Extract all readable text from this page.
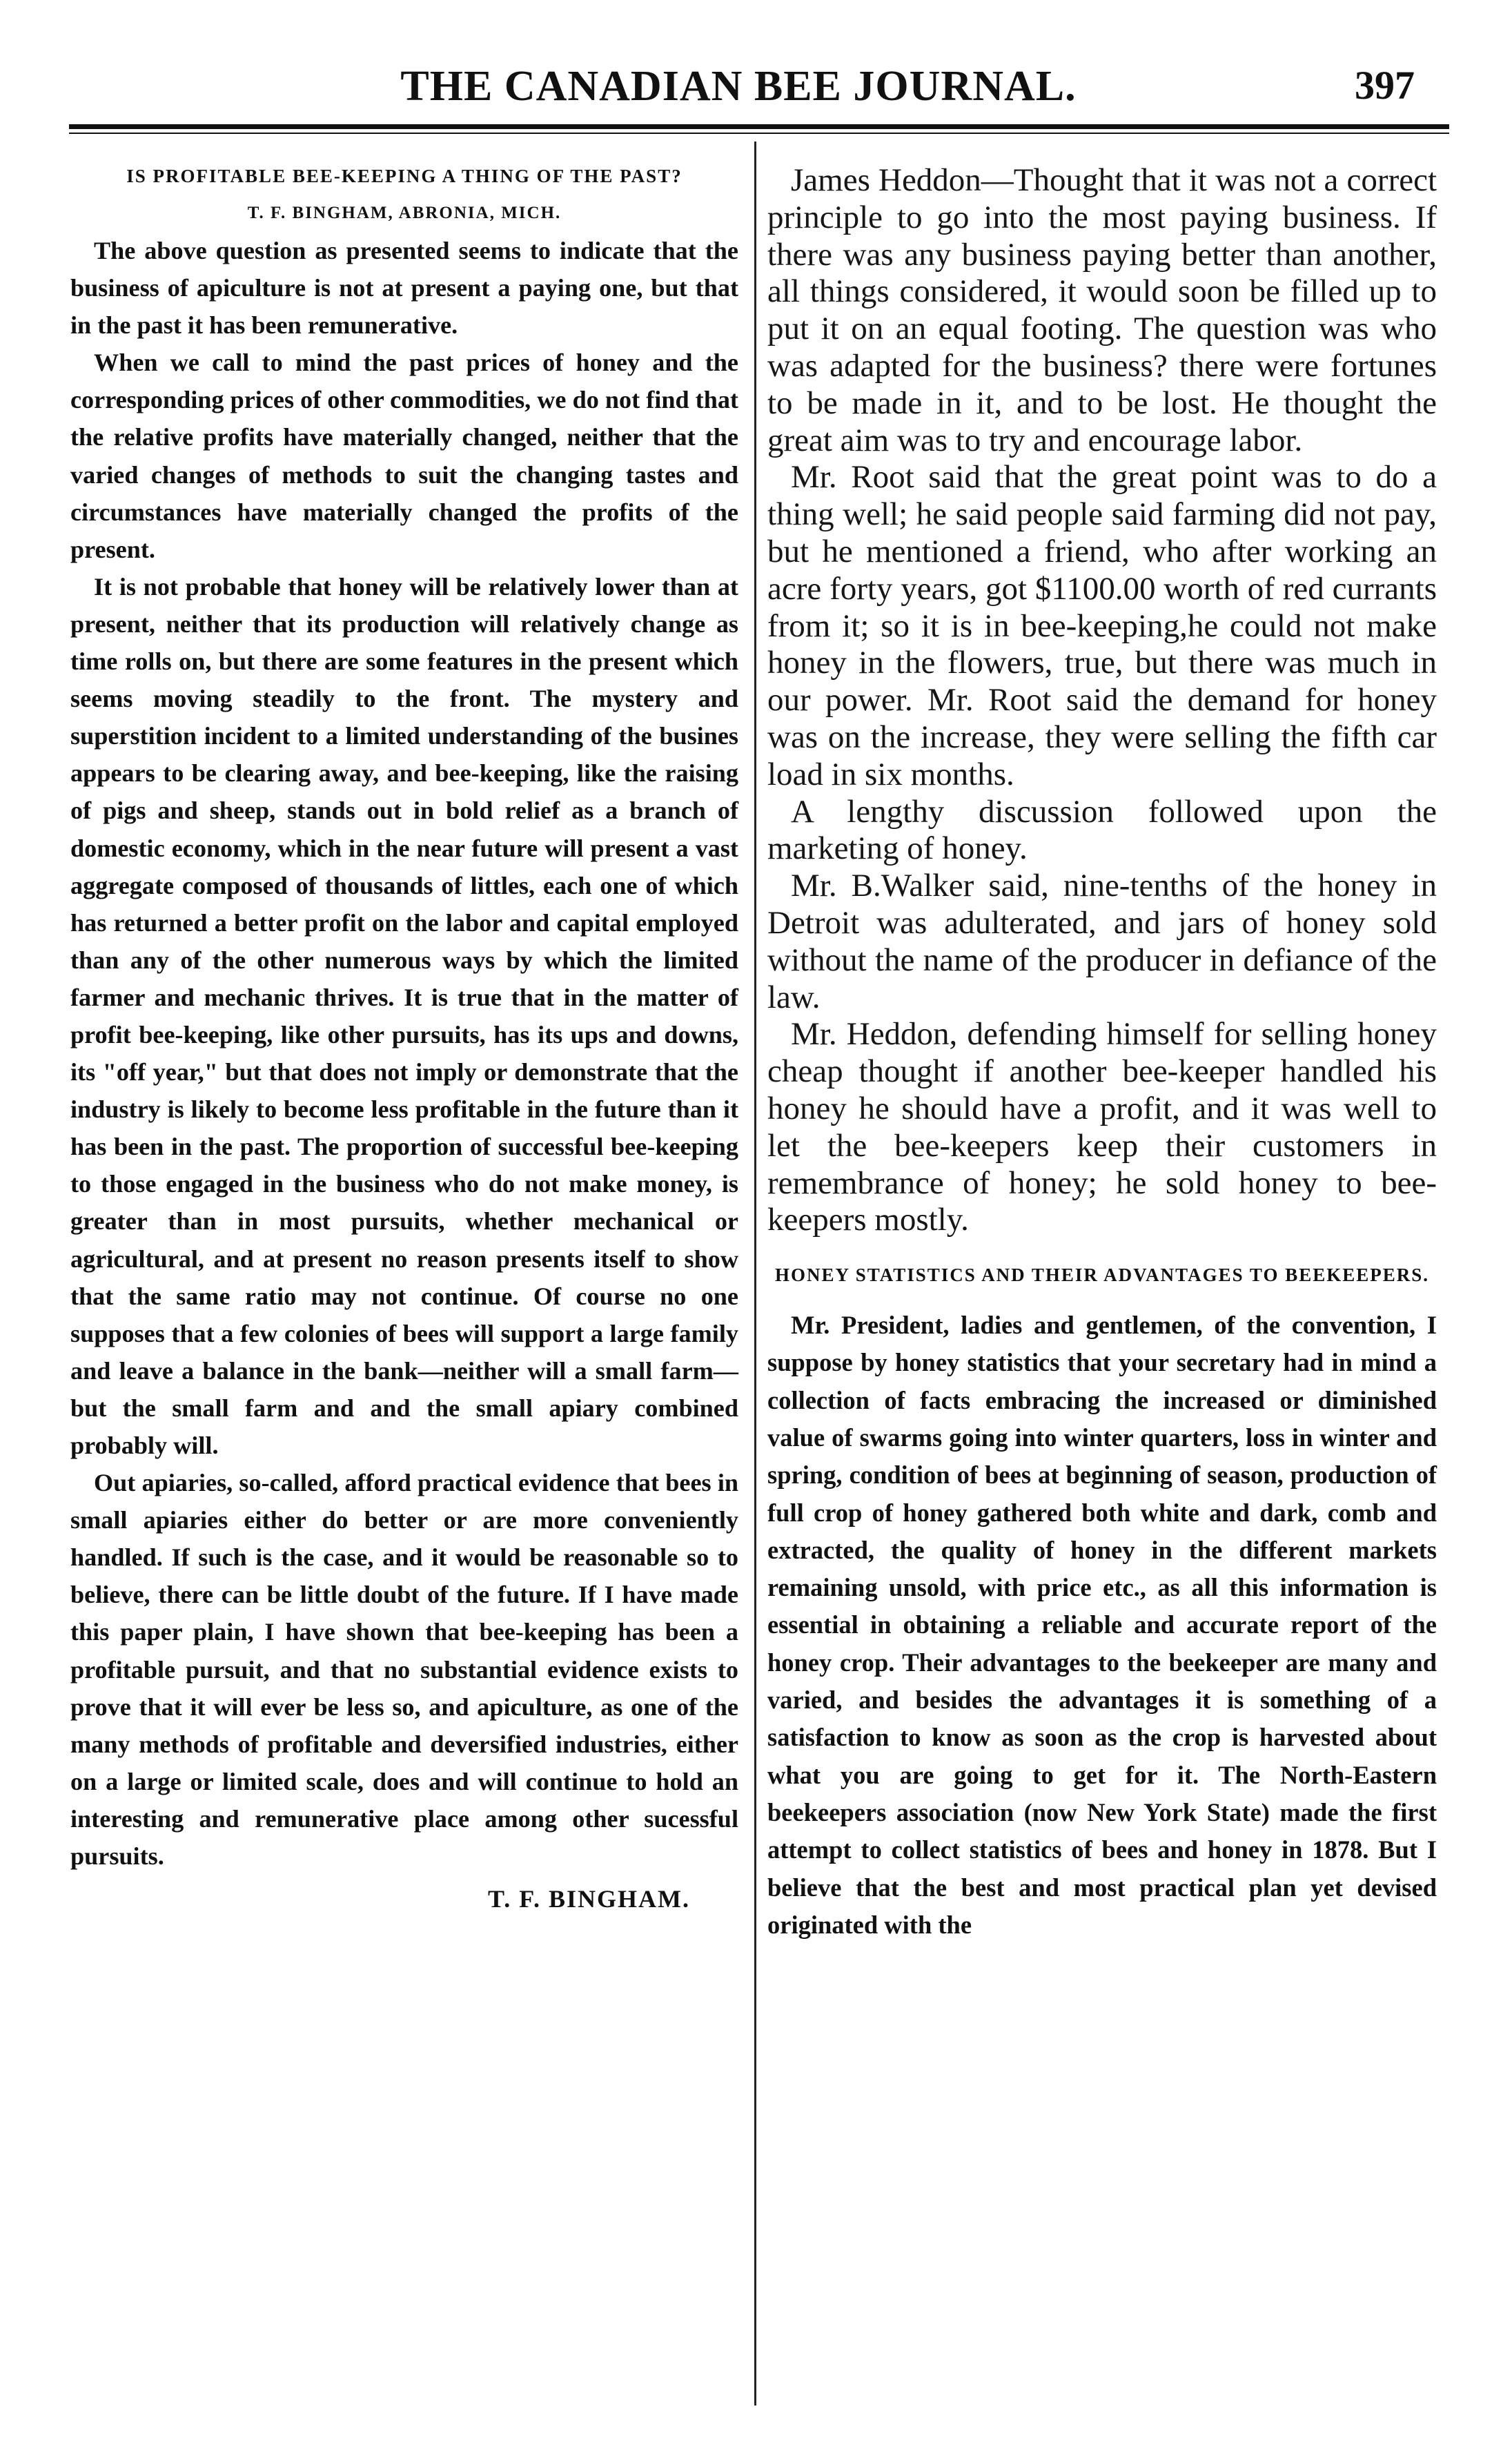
THE CANADIAN BEE JOURNAL.	397
IS PROFITABLE BEE-KEEPING A THING OF THE PAST?
T. F. BINGHAM, ABRONIA, MICH.

The above question as presented seems to indicate that the business of apiculture is not at present a paying one, but that in the past it has been remunerative.

When we call to mind the past prices of honey and the corresponding prices of other commodities, we do not find that the relative profits have materially changed, neither that the varied changes of methods to suit the changing tastes and circumstances have materially changed the profits of the present.

It is not probable that honey will be relatively lower than at present, neither that its production will relatively change as time rolls on, but there are some features in the present which seems moving steadily to the front. The mystery and superstition incident to a limited understanding of the busines appears to be clearing away, and bee-keeping, like the raising of pigs and sheep, stands out in bold relief as a branch of domestic economy, which in the near future will present a vast aggregate composed of thousands of littles, each one of which has returned a better profit on the labor and capital employed than any of the other numerous ways by which the limited farmer and mechanic thrives. It is true that in the matter of profit bee-keeping, like other pursuits, has its ups and downs, its "off year," but that does not imply or demonstrate that the industry is likely to become less profitable in the future than it has been in the past. The proportion of successful bee-keeping to those engaged in the business who do not make money, is greater than in most pursuits, whether mechanical or agricultural, and at present no reason presents itself to show that the same ratio may not continue. Of course no one supposes that a few colonies of bees will support a large family and leave a balance in the bank—neither will a small farm—but the small farm and and the small apiary combined probably will.

Out apiaries, so-called, afford practical evidence that bees in small apiaries either do better or are more conveniently handled. If such is the case, and it would be reasonable so to believe, there can be little doubt of the future. If I have made this paper plain, I have shown that bee-keeping has been a profitable pursuit, and that no substantial evidence exists to prove that it will ever be less so, and apiculture, as one of the many methods of profitable and deversified industries, either on a large or limited scale, does and will continue to hold an interesting and remunerative place among other sucessful pursuits.

T. F. BINGHAM.

James Heddon—Thought that it was not a correct principle to go into the most paying business. If there was any business paying better than another, all things considered, it would soon be filled up to put it on an equal footing. The question was who was adapted for the business? there were fortunes to be made in it, and to be lost. He thought the great aim was to try and encourage labor.

Mr. Root said that the great point was to do a thing well; he said people said farming did not pay, but he mentioned a friend, who after working an acre forty years, got $1100.00 worth of red currants from it; so it is in bee-keeping,he could not make honey in the flowers, true, but there was much in our power. Mr. Root said the demand for honey was on the increase, they were selling the fifth car load in six months.

A lengthy discussion followed upon the marketing of honey.

Mr. B.Walker said, nine-tenths of the honey in Detroit was adulterated, and jars of honey sold without the name of the producer in defiance of the law.

Mr. Heddon, defending himself for selling honey cheap thought if another bee-keeper handled his honey he should have a profit, and it was well to let the bee-keepers keep their customers in remembrance of honey; he sold honey to bee-keepers mostly.

HONEY STATISTICS AND THEIR ADVANTAGES TO BEEKEEPERS.

Mr. President, ladies and gentlemen, of the convention, I suppose by honey statistics that your secretary had in mind a collection of facts embracing the increased or diminished value of swarms going into winter quarters, loss in winter and spring, condition of bees at beginning of season, production of full crop of honey gathered both white and dark, comb and extracted, the quality of honey in the different markets remaining unsold, with price etc., as all this information is essential in obtaining a reliable and accurate report of the honey crop. Their advantages to the beekeeper are many and varied, and besides the advantages it is something of a satisfaction to know as soon as the crop is harvested about what you are going to get for it. The North-Eastern beekeepers association (now New York State) made the first attempt to collect statistics of bees and honey in 1878. But I believe that the best and most practical plan yet devised originated with the
